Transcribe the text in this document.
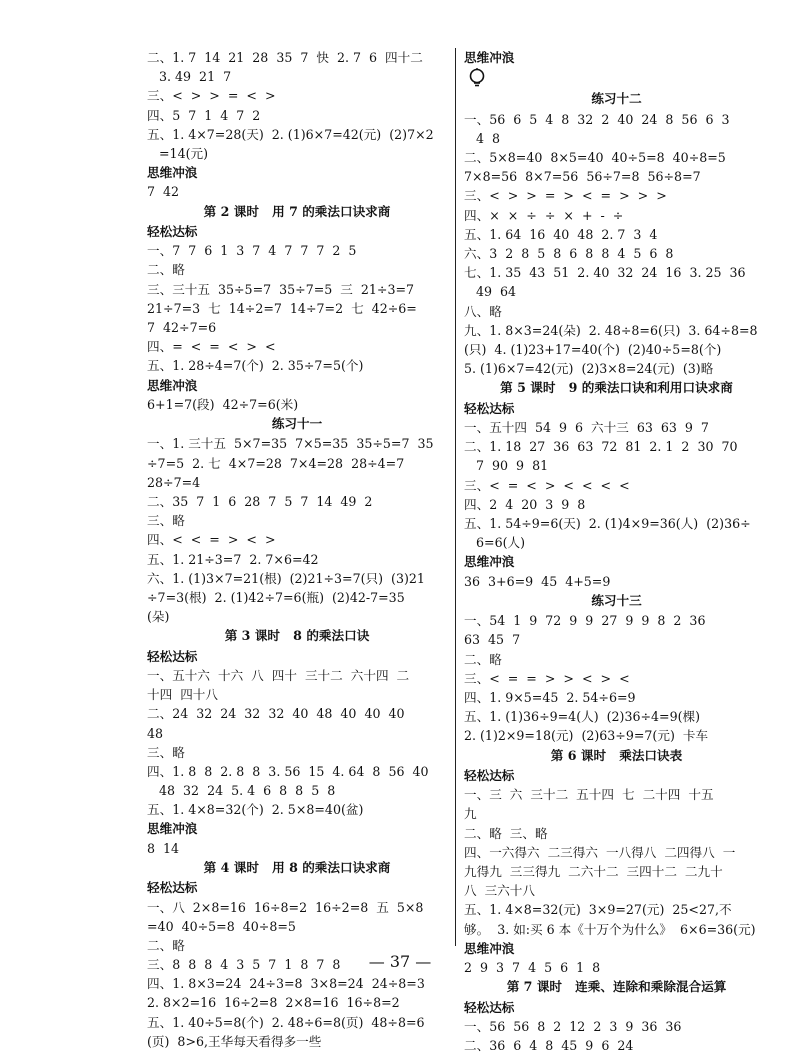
二、1. 7  14  21  28  35  7  快  2. 7  6  四十二
3. 49  21  7
三、<  >  >  =  <  >
四、5  7  1  4  7  2
五、1. 4×7=28(天)  2. (1)6×7=42(元)  (2)7×2
=14(元)
思维冲浪
7  42
第 2 课时   用 7 的乘法口诀求商
轻松达标
一、7  7  6  1  3  7  4  7  7  7  2  5
二、略
三、三十五  35÷5=7  35÷7=5  三  21÷3=7
21÷7=3  七  14÷2=7  14÷7=2  七  42÷6=
7  42÷7=6
四、=  <  =  <  >  <
五、1. 28÷4=7(个)  2. 35÷7=5(个)
思维冲浪
6+1=7(段)  42÷7=6(米)
练习十一
一、1. 三十五  5×7=35  7×5=35  35÷5=7  35
÷7=5  2. 七  4×7=28  7×4=28  28÷4=7
28÷7=4
二、35  7  1  6  28  7  5  7  14  49  2
三、略
四、<  <  =  >  <  >
五、1. 21÷3=7  2. 7×6=42
六、1. (1)3×7=21(根)  (2)21÷3=7(只)  (3)21
÷7=3(根)  2. (1)42÷7=6(瓶)  (2)42-7=35
(朵)
第 3 课时   8 的乘法口诀
轻松达标
一、五十六  十六  八  四十  三十二  六十四  二
十四  四十八
二、24  32  24  32  32  40  48  40  40  40
48
三、略
四、1. 8  8  2. 8  8  3. 56  15  4. 64  8  56  40
48  32  24  5. 4  6  8  8  5  8
五、1. 4×8=32(个)  2. 5×8=40(盆)
思维冲浪
8  14
第 4 课时   用 8 的乘法口诀求商
轻松达标
一、八  2×8=16  16÷8=2  16÷2=8  五  5×8
=40  40÷5=8  40÷8=5
二、略
三、8  8  8  4  3  5  7  1  8  7  8
四、1. 8×3=24  24÷3=8  3×8=24  24÷8=3
2. 8×2=16  16÷2=8  2×8=16  16÷8=2
五、1. 40÷5=8(个)  2. 48÷6=8(页)  48÷8=6
(页)  8>6,王华每天看得多一些
思维冲浪
练习十二
一、56  6  5  4  8  32  2  40  24  8  56  6  3
4  8
二、5×8=40  8×5=40  40÷5=8  40÷8=5
7×8=56  8×7=56  56÷7=8  56÷8=7
三、<  >  >  =  >  <  =  >  >  >
四、×  ×  ÷  ÷  ×  +  -  ÷
五、1. 64  16  40  48  2. 7  3  4
六、3  2  8  5  8  6  8  8  4  5  6  8
七、1. 35  43  51  2. 40  32  24  16  3. 25  36
49  64
八、略
九、1. 8×3=24(朵)  2. 48÷8=6(只)  3. 64÷8=8
(只)  4. (1)23+17=40(个)  (2)40÷5=8(个)
5. (1)6×7=42(元)  (2)3×8=24(元)  (3)略
第 5 课时   9 的乘法口诀和利用口诀求商
轻松达标
一、五十四  54  9  6  六十三  63  63  9  7
二、1. 18  27  36  63  72  81  2. 1  2  30  70
7  90  9  81
三、<  =  <  >  <  <  <  <
四、2  4  20  3  9  8
五、1. 54÷9=6(天)  2. (1)4×9=36(人)  (2)36÷
6=6(人)
思维冲浪
36  3+6=9  45  4+5=9
练习十三
一、54  1  9  72  9  9  27  9  9  8  2  36
63  45  7
二、略
三、<  =  =  >  >  <  >  <
四、1. 9×5=45  2. 54÷6=9
五、1. (1)36÷9=4(人)  (2)36÷4=9(棵)
2. (1)2×9=18(元)  (2)63÷9=7(元)  卡车
第 6 课时   乘法口诀表
轻松达标
一、三  六  三十二  五十四  七  二十四  十五
九
二、略  三、略
四、一六得六  二三得六  一八得八  二四得八  一
九得九  三三得九  二六十二  三四十二  二九十
八  三六十八
五、1. 4×8=32(元)  3×9=27(元)  25<27,不
够。  3. 如:买 6 本《十万个为什么》  6×6=36(元)
思维冲浪
2  9  3  7  4  5  6  1  8
第 7 课时   连乘、连除和乘除混合运算
轻松达标
一、56  56  8  2  12  2  3  9  36  36
二、36  6  4  8  45  9  6  24
— 37 —
